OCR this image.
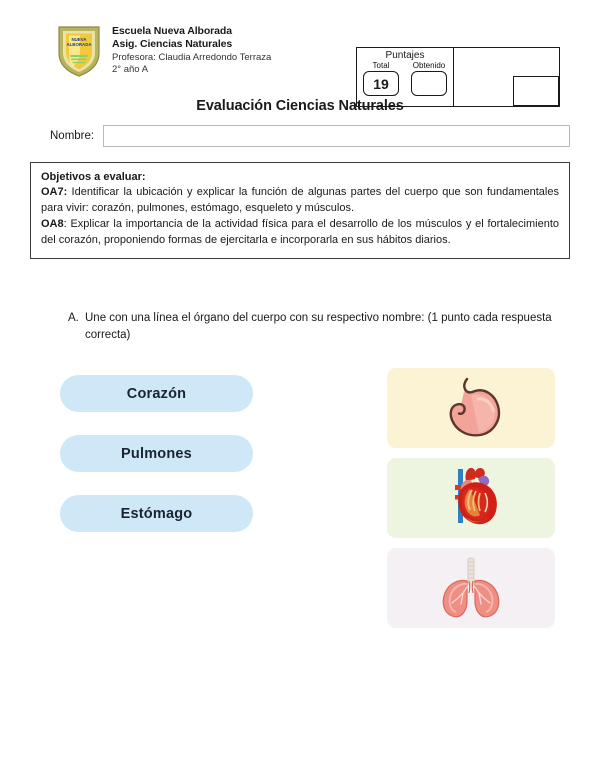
NUEVA
ALBORADA
Escuela Nueva Alborada
Asig. Ciencias Naturales
Profesora: Claudia Arredondo Terraza
2° año A
Puntajes
Total
19
Obtenido
Evaluación Ciencias Naturales
Nombre:
Objetivos a evaluar:

OA7: Identificar la ubicación y explicar la función de algunas partes del cuerpo que son fundamentales para vivir: corazón, pulmones, estómago, esqueleto y músculos.

OA8: Explicar la importancia de la actividad física para el desarrollo de los músculos y el fortalecimiento del corazón, proponiendo formas de ejercitarla e incorporarla en sus hábitos diarios.

A. Une con una línea el órgano del cuerpo con su respectivo nombre: (1 punto cada respuesta correcta)
Corazón
Pulmones
Estómago
